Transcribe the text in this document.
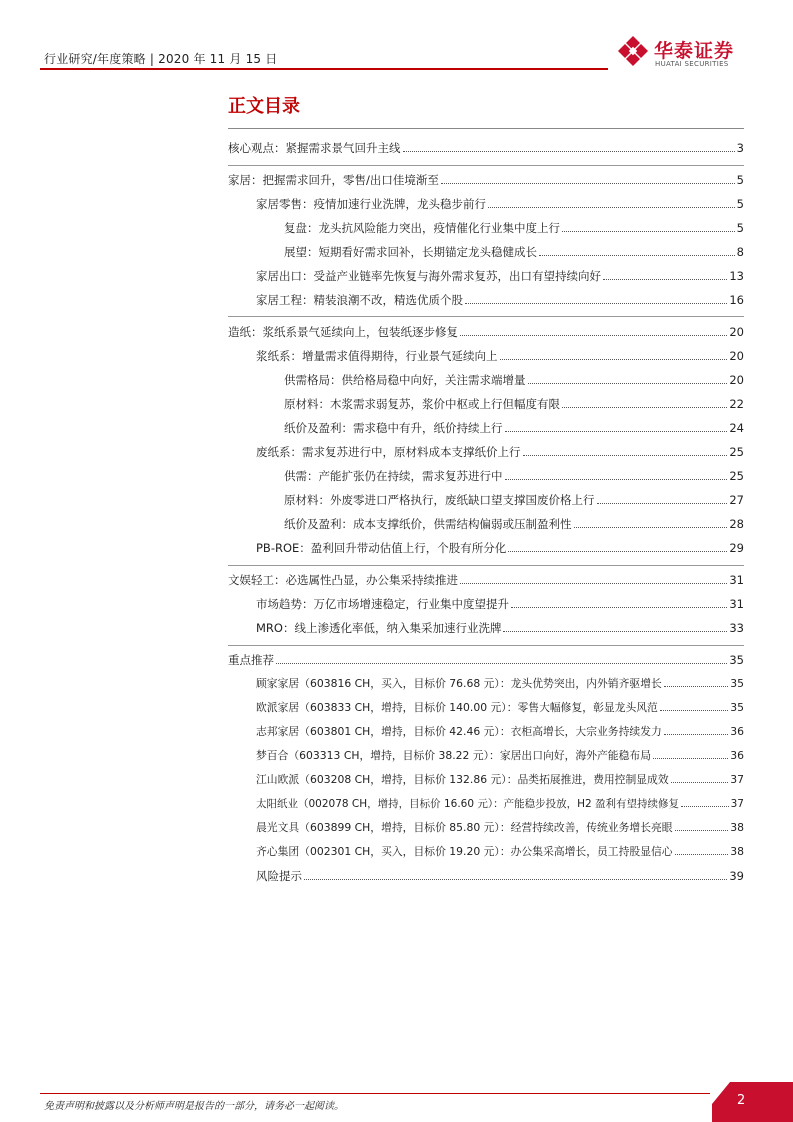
行业研究/年度策略 | 2020 年 11 月 15 日	华泰证券
HUATAI SECURITIES
正文目录
核心观点：紧握需求景气回升主线	3
家居：把握需求回升，零售/出口佳境渐至	5
家居零售：疫情加速行业洗牌，龙头稳步前行	5
复盘：龙头抗风险能力突出，疫情催化行业集中度上行	5
展望：短期看好需求回补，长期锚定龙头稳健成长	8
家居出口：受益产业链率先恢复与海外需求复苏，出口有望持续向好	13
家居工程：精装浪潮不改，精选优质个股	16
造纸：浆纸系景气延续向上，包装纸逐步修复	20
浆纸系：增量需求值得期待，行业景气延续向上	20
供需格局：供给格局稳中向好，关注需求端增量	20
原材料：木浆需求弱复苏，浆价中枢或上行但幅度有限	22
纸价及盈利：需求稳中有升，纸价持续上行	24
废纸系：需求复苏进行中，原材料成本支撑纸价上行	25
供需：产能扩张仍在持续，需求复苏进行中	25
原材料：外废零进口严格执行，废纸缺口望支撑国废价格上行	27
纸价及盈利：成本支撑纸价，供需结构偏弱或压制盈利性	28
PB-ROE：盈利回升带动估值上行，个股有所分化	29
文娱轻工：必选属性凸显，办公集采持续推进	31
市场趋势：万亿市场增速稳定，行业集中度望提升	31
MRO：线上渗透化率低，纳入集采加速行业洗牌	33
重点推荐	35
顾家家居（603816 CH，买入，目标价 76.68 元）：龙头优势突出，内外销齐驱增长	35
欧派家居（603833 CH，增持，目标价 140.00 元）：零售大幅修复，彰显龙头风范	35
志邦家居（603801 CH，增持，目标价 42.46 元）：衣柜高增长，大宗业务持续发力	36
梦百合（603313 CH，增持，目标价 38.22 元）：家居出口向好，海外产能稳布局	36
江山欧派（603208 CH，增持，目标价 132.86 元）：品类拓展推进，费用控制显成效	37
太阳纸业（002078 CH，增持，目标价 16.60 元）：产能稳步投放，H2 盈利有望持续修复	37
晨光文具（603899 CH，增持，目标价 85.80 元）：经营持续改善，传统业务增长亮眼	38
齐心集团（002301 CH，买入，目标价 19.20 元）：办公集采高增长，员工持股显信心	38
风险提示	39
免责声明和披露以及分析师声明是报告的一部分，请务必一起阅读。	2
